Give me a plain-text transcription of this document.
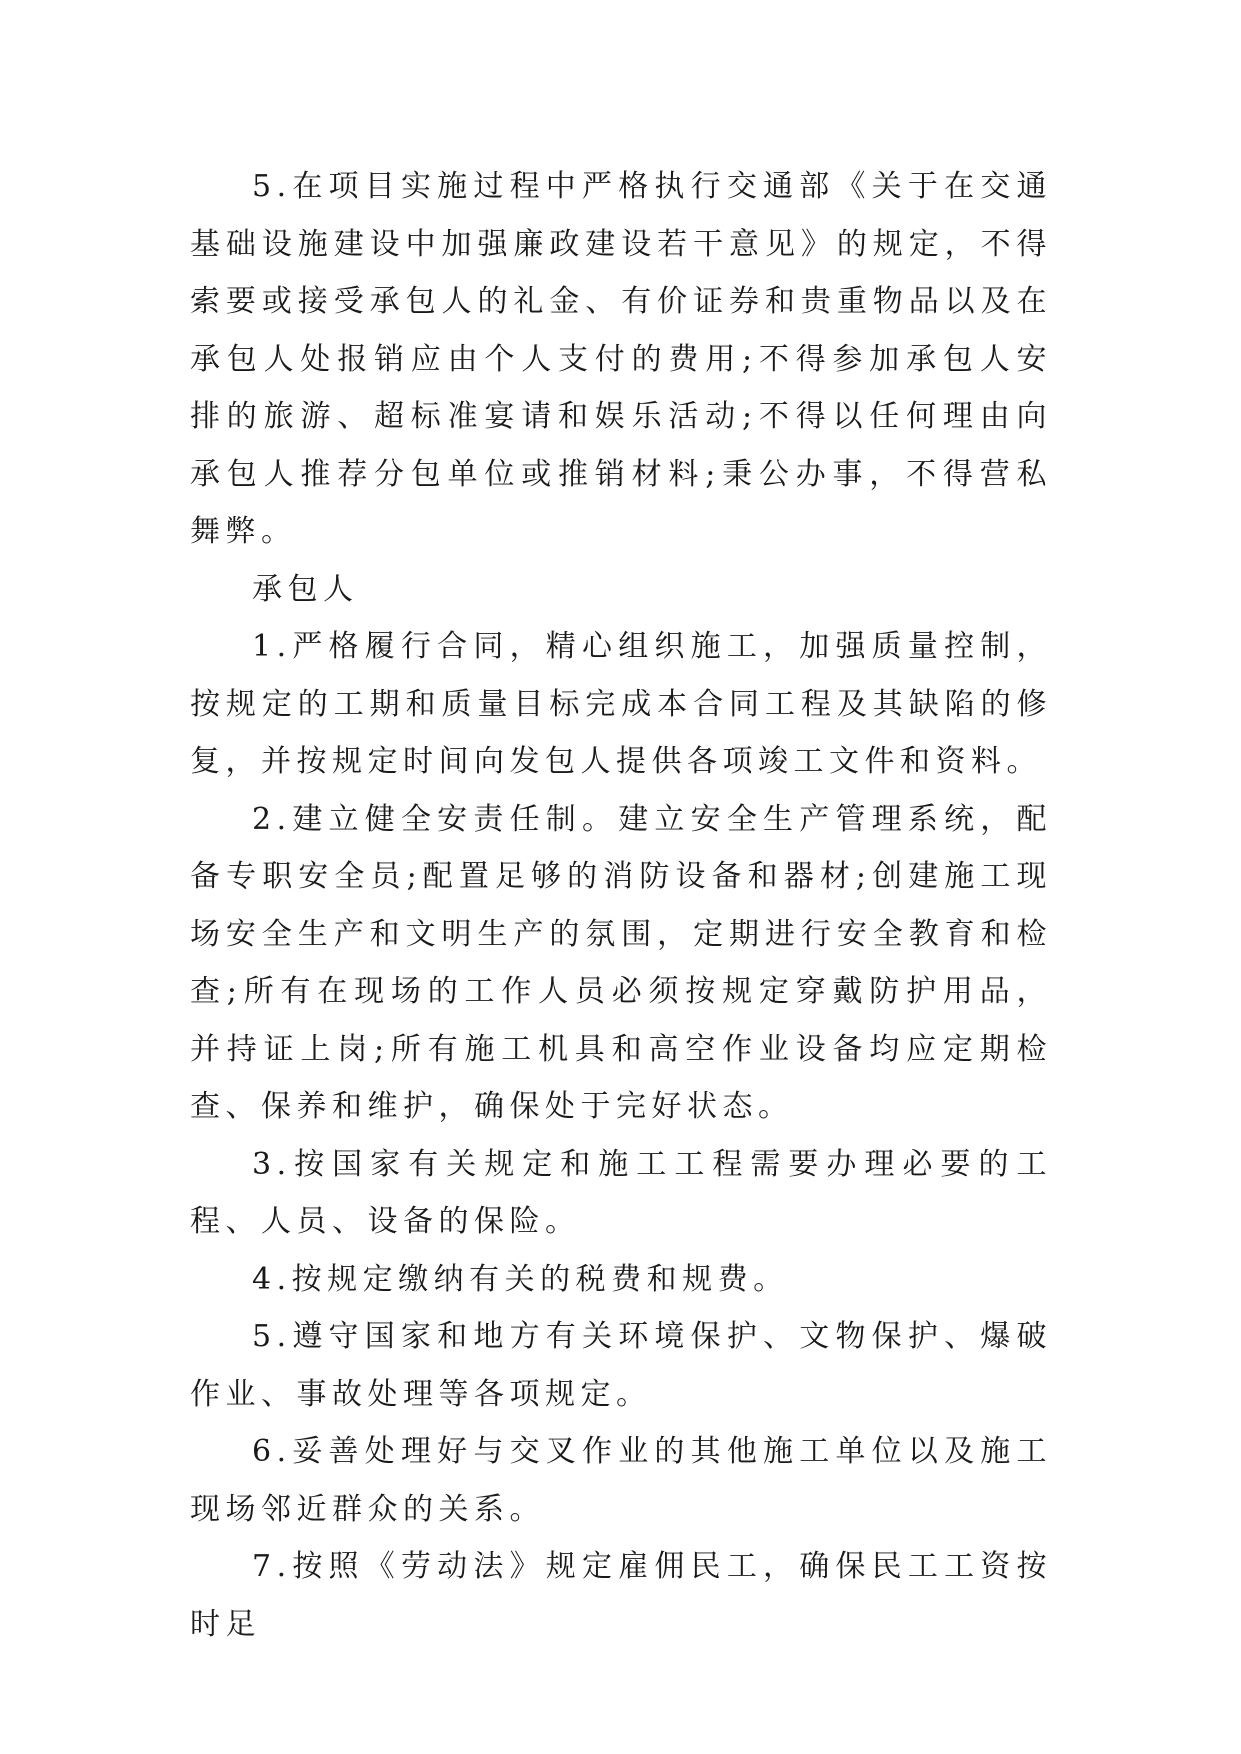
5.在项目实施过程中严格执行交通部《关于在交通基础设施建设中加强廉政建设若干意见》的规定，不得索要或接受承包人的礼金、有价证券和贵重物品以及在承包人处报销应由个人支付的费用;不得参加承包人安排的旅游、超标准宴请和娱乐活动;不得以任何理由向承包人推荐分包单位或推销材料;秉公办事，不得营私舞弊。

承包人

1.严格履行合同，精心组织施工，加强质量控制，按规定的工期和质量目标完成本合同工程及其缺陷的修复，并按规定时间向发包人提供各项竣工文件和资料。

2.建立健全安责任制。建立安全生产管理系统，配备专职安全员;配置足够的消防设备和器材;创建施工现场安全生产和文明生产的氛围，定期进行安全教育和检查;所有在现场的工作人员必须按规定穿戴防护用品，并持证上岗;所有施工机具和高空作业设备均应定期检查、保养和维护，确保处于完好状态。

3.按国家有关规定和施工工程需要办理必要的工程、人员、设备的保险。

4.按规定缴纳有关的税费和规费。

5.遵守国家和地方有关环境保护、文物保护、爆破作业、事故处理等各项规定。

6.妥善处理好与交叉作业的其他施工单位以及施工现场邻近群众的关系。

7.按照《劳动法》规定雇佣民工，确保民工工资按时足
